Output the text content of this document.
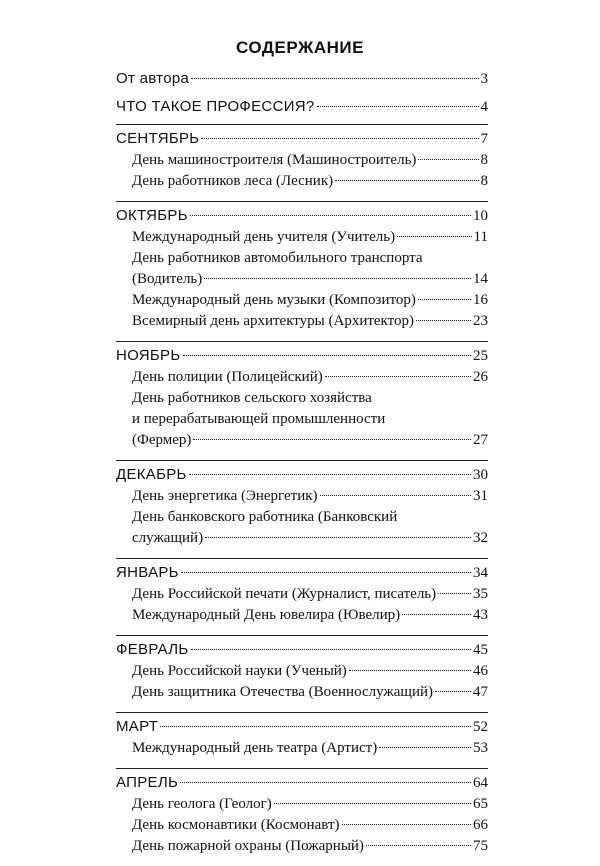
СОДЕРЖАНИЕ
От автора	3
ЧТО ТАКОЕ ПРОФЕССИЯ?	4
СЕНТЯБРЬ	7
День машиностроителя (Машиностроитель)	8
День работников леса (Лесник)	8
ОКТЯБРЬ	10
Международный день учителя (Учитель)	11
День работников автомобильного транспорта
(Водитель)	14
Международный день музыки (Композитор)	16
Всемирный день архитектуры (Архитектор)	23
НОЯБРЬ	25
День полиции (Полицейский)	26
День работников сельского хозяйства
и перерабатывающей промышленности
(Фермер)	27
ДЕКАБРЬ	30
День энергетика (Энергетик)	31
День банковского работника (Банковский
служащий)	32
ЯНВАРЬ	34
День Российской печати (Журналист, писатель) 35
Международный День ювелира (Ювелир)	43
ФЕВРАЛЬ	45
День Российской науки (Ученый)	46
День защитника Отечества (Военнослужащий)	47
МАРТ	52
Международный день театра (Артист)	53
АПРЕЛЬ	64
День геолога (Геолог)	65
День космонавтики (Космонавт)	66
День пожарной охраны (Пожарный)	75
